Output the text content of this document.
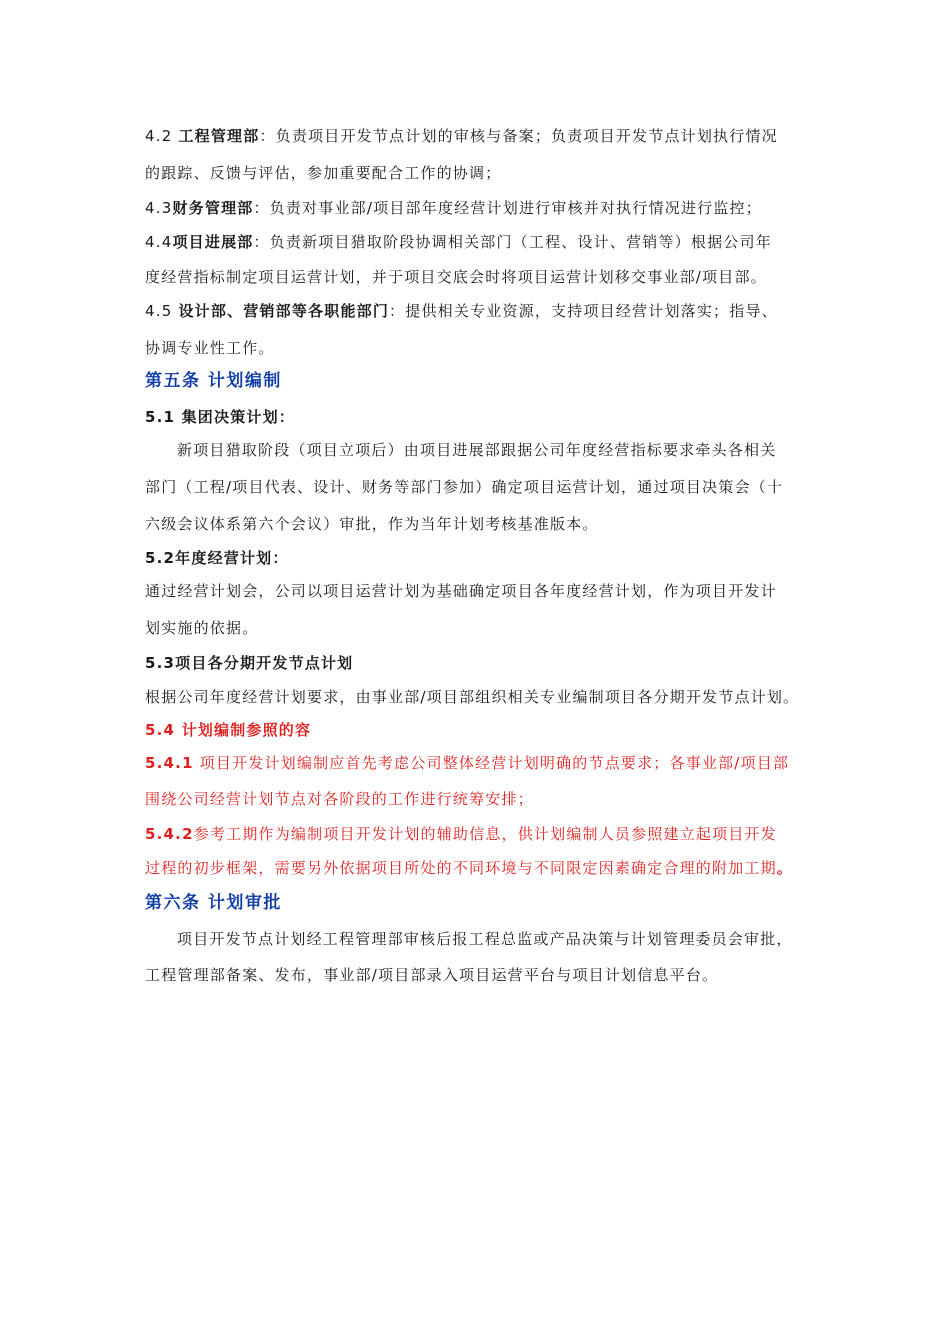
4.2 工程管理部：负责项目开发节点计划的审核与备案；负责项目开发节点计划执行情况
的跟踪、反馈与评估，参加重要配合工作的协调；
4.3财务管理部：负责对事业部/项目部年度经营计划进行审核并对执行情况进行监控；
4.4项目进展部：负责新项目猎取阶段协调相关部门（工程、设计、营销等）根据公司年
度经营指标制定项目运营计划，并于项目交底会时将项目运营计划移交事业部/项目部。
4.5 设计部、营销部等各职能部门：提供相关专业资源，支持项目经营计划落实；指导、
协调专业性工作。
第五条 计划编制
5.1 集团决策计划：
新项目猎取阶段（项目立项后）由项目进展部跟据公司年度经营指标要求牵头各相关
部门（工程/项目代表、设计、财务等部门参加）确定项目运营计划，通过项目决策会（十
六级会议体系第六个会议）审批，作为当年计划考核基准版本。
5.2年度经营计划：
通过经营计划会，公司以项目运营计划为基础确定项目各年度经营计划，作为项目开发计
划实施的依据。
5.3项目各分期开发节点计划
根据公司年度经营计划要求，由事业部/项目部组织相关专业编制项目各分期开发节点计划。
5.4 计划编制参照的容
5.4.1 项目开发计划编制应首先考虑公司整体经营计划明确的节点要求；各事业部/项目部
围绕公司经营计划节点对各阶段的工作进行统筹安排；
5.4.2参考工期作为编制项目开发计划的辅助信息，供计划编制人员参照建立起项目开发
过程的初步框架，需要另外依据项目所处的不同环境与不同限定因素确定合理的附加工期。
第六条 计划审批
项目开发节点计划经工程管理部审核后报工程总监或产品决策与计划管理委员会审批，
工程管理部备案、发布，事业部/项目部录入项目运营平台与项目计划信息平台。
